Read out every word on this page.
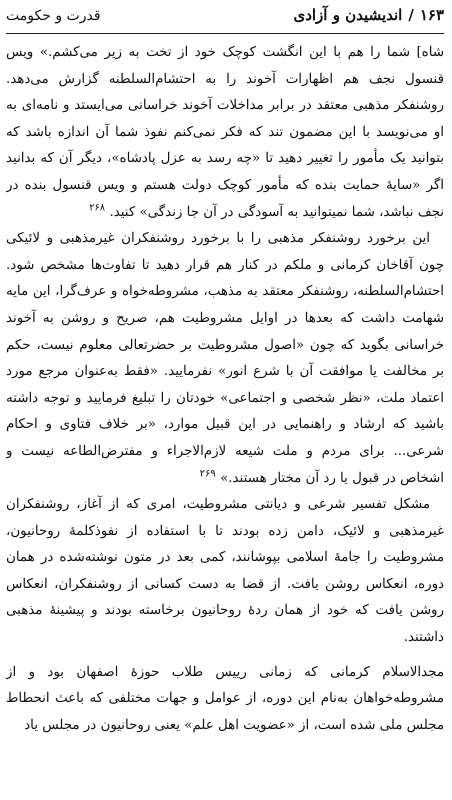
۱۶۳
/
اندیشیدن و آزادی
قدرت و حکومت

شاه] شما را هم با این انگشت کوچک خود از تخت به زیر می‌کشم.» ویس قنسول نجف هم اظهارات آخوند را به احتشام‌السلطنه گزارش می‌دهد. روشنفکر مذهبی معتقد در برابر مداخلات آخوند خراسانی می‌ایستد و نامه‌ای به او می‌نویسد با این مضمون تند که فکر نمی‌کنم نفوذ شما آن اندازه باشد که بتوانید یک مأمور را تغییر دهید تا «چه رسد به عزل پادشاه»، دیگر آن که بدانید اگر «سایهٔ حمایت بنده که مأمور کوچک دولت هستم و ویس قنسول بنده در نجف نباشد، شما نمیتوانید به آسودگی در آن جا زندگی» کنید. $^{۲۶۸}$

این برخورد روشنفکر مذهبی را با برخورد روشنفکران غیرمذهبی و لائیکی چون آقاخان کرمانی و ملکم در کنار هم قرار دهید تا تفاوت‌ها مشخص شود. احتشام‌السلطنه، روشنفکر معتقد به مذهب، مشروطه‌خواه و عرف‌گرا، این مایه شهامت داشت که بعدها در اوایل مشروطیت هم، صریح و روشن به آخوند خراسانی بگوید که چون «اصول مشروطیت بر حضرتعالی معلوم نیست، حکم بر مخالفت یا موافقت آن با شرع انور» نفرمایید. «فقط به‌عنوان مرجع مورد اعتماد ملت، «نظر شخصی و اجتماعی» خودتان را تبلیغ فرمایید و توجه داشته باشید که ارشاد و راهنمایی در این قبیل موارد، «بر خلاف فتاوی و احکام شرعی... برای مردم و ملت شیعه لازم‌الاجراء و مفترض‌الطاعه نیست و اشخاص در قبول یا رد آن مختار هستند.» $^{۲۶۹}$

مشکل تفسیر شرعی و دیانتی مشروطیت، امری که از آغاز، روشنفکران غیرمذهبی و لائیک، دامن زده بودند تا با استفاده از نفوذکلمهٔ روحانیون، مشروطیت را جامهٔ اسلامی بپوشانند، کمی بعد در متون نوشته‌شده در همان دوره، انعکاس روشن یافت. از قضا به دست کسانی از روشنفکران، انعکاس روشن یافت که خود از همان ردهٔ روحانیون برخاسته بودند و پیشینهٔ مذهبی داشتند.

مجدالاسلام کرمانی که زمانی رییس طلاب حوزهٔ اصفهان بود و از مشروطه‌خواهان به‌نام این دوره، از عوامل و جهات مختلفی که باعث انحطاط مجلس ملی شده است، از «عضویت اهل علم» یعنی روحانیون در مجلس یاد
